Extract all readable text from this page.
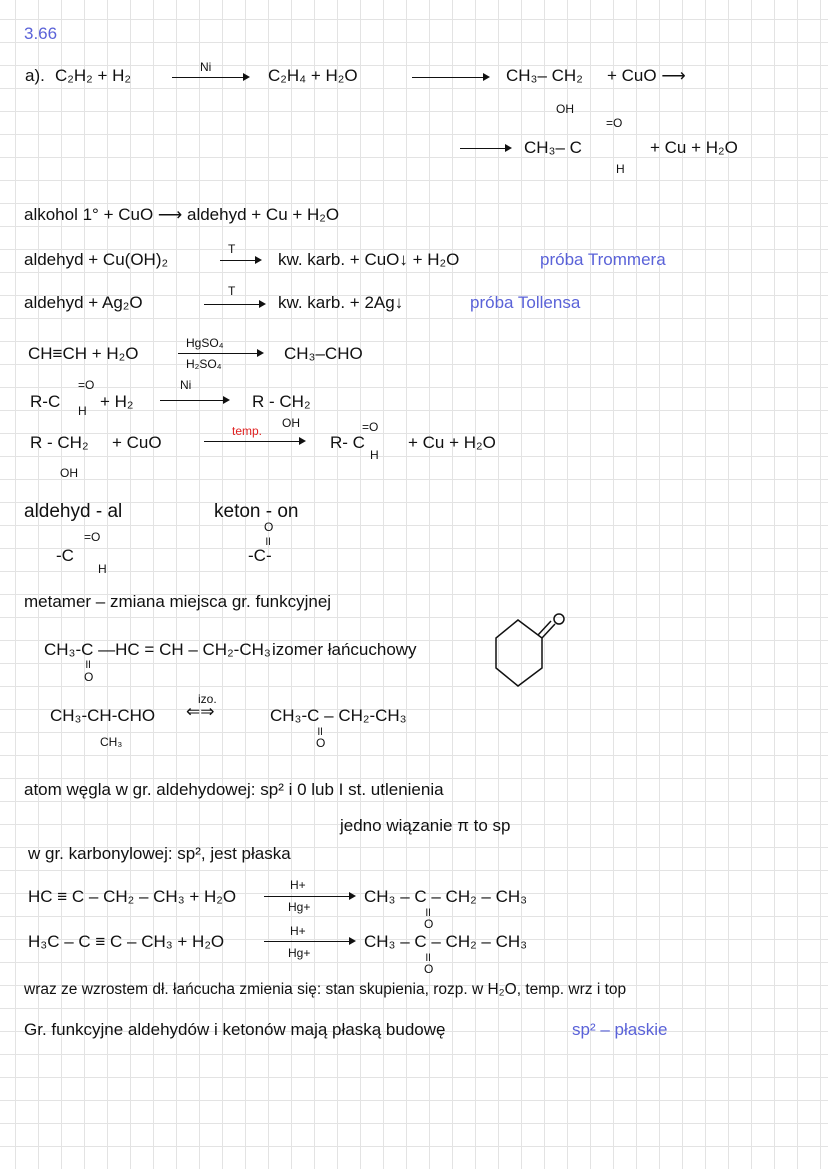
3.66
a). C₂H₂ + H₂	Ni	C₂H₄ + H₂O	CH₃– CH₂
OH
+ CuO ⟶
CH₃– C
=O
H
+ Cu + H₂O
alkohol 1° + CuO ⟶ aldehyd + Cu + H₂O
aldehyd + Cu(OH)₂
T
→ kw. karb. + CuO↓ + H₂O	próba Trommera
aldehyd + Ag₂O
T
→ kw. karb. + 2Ag↓	próba Tollensa
CH≡CH + H₂O
HgSO₄
H₂SO₄
CH₃–CHO
R-C
=O
H + H₂
Ni
R - CH₂
OH
R - CH₂
OH
+ CuO
temp.
R- C
=O
H
+ Cu + H₂O
aldehyd - al	keton - on
-C
=O
H
O
॥
-C-
metamer – zmiana miejsca gr. funkcyjnej
CH₃-C —HC = CH – CH₂-CH₃
॥
O
izomer łańcuchowy
CH₃-CH-CHO
CH₃
izo.
⇐⇒	CH₃-C – CH₂-CH₃
॥
O
atom węgla w gr. aldehydowej: sp² i 0 lub I st. utlenienia
jedno wiązanie π to sp
w gr. karbonylowej: sp², jest płaska
HC ≡ C – CH₂ – CH₃ + H₂O
H+
Hg+
CH₃ – C – CH₂ – CH₃
॥
O
H₃C – C ≡ C – CH₃ + H₂O
H+
Hg+
CH₃ – C – CH₂ – CH₃
॥
O
wraz ze wzrostem dł. łańcucha zmienia się: stan skupienia, rozp. w H₂O, temp. wrz i top
Gr. funkcyjne aldehydów i ketonów mają płaską budowę	sp² – płaskie
